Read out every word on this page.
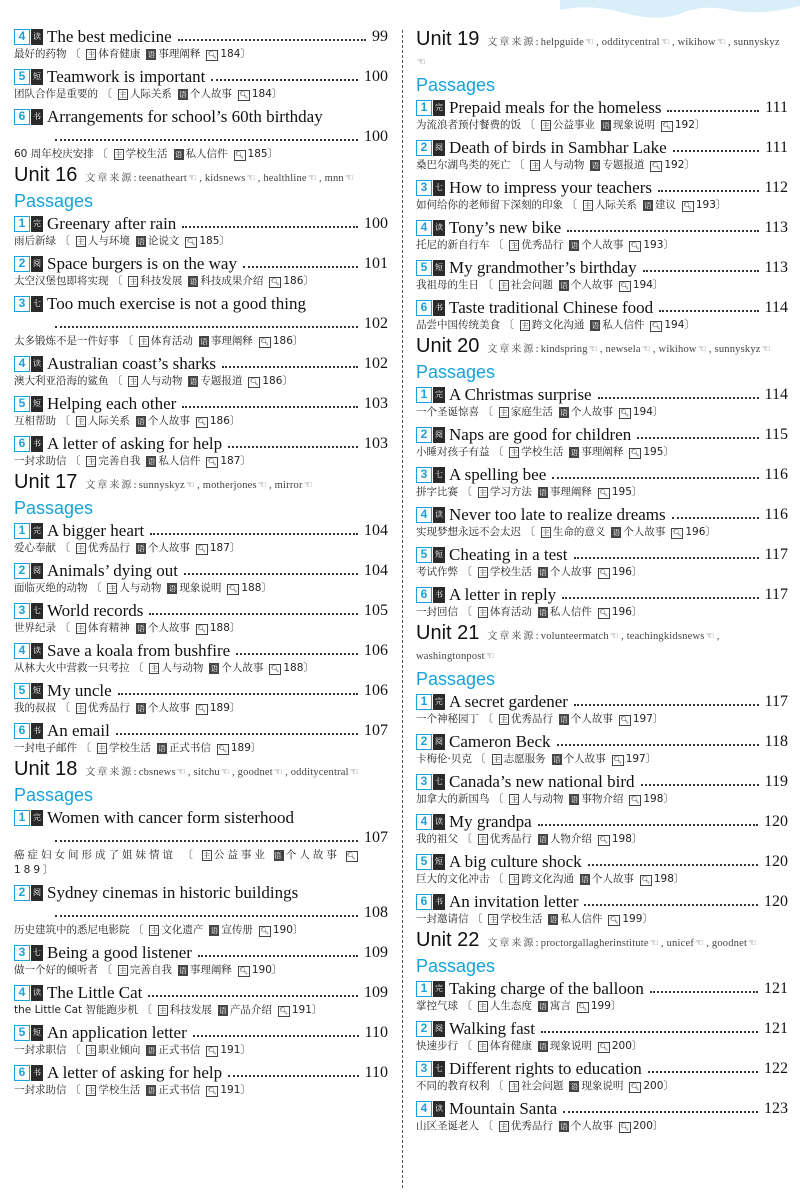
4 读 The best medicine	99
最好的药物 〔 主 体育健康 语 事理阐释 🔍︎ 184〕
5 短 Teamwork is important	100
团队合作是重要的 〔 主 人际关系 语 个人故事 🔍︎ 184〕
6 书 Arrangements for school’s 60th birthday
100
60 周年校庆安排 〔 主 学校生活 语 私人信件 🔍︎ 185〕
Unit 16 文章来源:teenatheart☜ , kidsnews☜ , healthline☜ , mnn☜
Passages
1 完 Greenary after rain	100
雨后新绿 〔 主 人与环境 语 论说文 🔍︎ 185〕
2 阅 Space burgers is on the way	101
太空汉堡包即将实现 〔 主 科技发展 语 科技成果介绍 🔍︎ 186〕
3 七 Too much exercise is not a good thing
102
太多锻炼不是一件好事 〔 主 体育活动 语 事理阐释 🔍︎ 186〕
4 读 Australian coast’s sharks	102
澳大利亚沿海的鲨鱼 〔 主 人与动物 语 专题报道 🔍︎ 186〕
5 短 Helping each other	103
互相帮助 〔 主 人际关系 语 个人故事 🔍︎ 186〕
6 书 A letter of asking for help	103
一封求助信 〔 主 完善自我 语 私人信件 🔍︎ 187〕
Unit 17 文章来源:sunnyskyz☜ , motherjones☜ , mirror☜
Passages
1 完 A bigger heart	104
爱心奉献 〔 主 优秀品行 语 个人故事 🔍︎ 187〕
2 阅 Animals’ dying out	104
面临灭绝的动物 〔 主 人与动物 语 现象说明 🔍︎ 188〕
3 七 World records	105
世界纪录 〔 主 体育精神 语 个人故事 🔍︎ 188〕
4 读 Save a koala from bushfire	106
从林大火中营救一只考拉 〔 主 人与动物 语 个人故事 🔍︎ 188〕
5 短 My uncle	106
我的叔叔 〔 主 优秀品行 语 个人故事 🔍︎ 189〕
6 书 An email	107
一封电子邮件 〔 主 学校生活 语 正式书信 🔍︎ 189〕
Unit 18 文章来源:cbsnews☜ , sitchu☜ , goodnet☜ , odditycentral☜
Passages
1 完 Women with cancer form sisterhood
107
癌症妇女间形成了姐妹情谊 〔 主公益事业 语 个人故事 🔍︎189〕
2 阅 Sydney cinemas in historic buildings
108
历史建筑中的悉尼电影院 〔 主 文化遗产 语 宣传册 🔍︎ 190〕
3 七 Being a good listener	109
做一个好的倾听者 〔 主 完善自我 语 事理阐释 🔍︎ 190〕
4 读 The Little Cat	109
the Little Cat 智能跑步机 〔 主 科技发展 语 产品介绍 🔍︎ 191〕
5 短 An application letter	110
一封求职信 〔 主 职业倾向 语 正式书信 🔍︎ 191〕
6 书 A letter of asking for help	110
一封求助信 〔 主 学校生活 语 正式书信 🔍︎ 191〕
Unit 19 文章来源:helpguide☜ , odditycentral☜ , wikihow☜ , sunnyskyz☜
Passages
1 完 Prepaid meals for the homeless	111
为流浪者预付餐费的饭 〔 主 公益事业 语 现象说明 🔍︎ 192〕
2 阅 Death of birds in Sambhar Lake	111
桑巴尔湖鸟类的死亡 〔 主 人与动物 语 专题报道 🔍︎ 192〕
3 七 How to impress your teachers	112
如何给你的老师留下深刻的印象 〔 主 人际关系 语 建议 🔍︎ 193〕
4 读 Tony’s new bike	113
托尼的新自行车 〔 主 优秀品行 语 个人故事 🔍︎ 193〕
5 短 My grandmother’s birthday	113
我祖母的生日 〔 主 社会问题 语 个人故事 🔍︎ 194〕
6 书 Taste traditional Chinese food	114
品尝中国传统美食 〔 主 跨文化沟通 语 私人信件 🔍︎ 194〕
Unit 20 文章来源:kindspring☜ , newsela☜ , wikihow☜ , sunnyskyz☜
Passages
1 完 A Christmas surprise	114
一个圣诞惊喜 〔 主 家庭生活 语 个人故事 🔍︎ 194〕
2 阅 Naps are good for children	115
小睡对孩子有益 〔 主 学校生活 语 事理阐释 🔍︎ 195〕
3 七 A spelling bee	116
拼字比赛 〔 主 学习方法 语 事理阐释 🔍︎ 195〕
4 读 Never too late to realize dreams	116
实现梦想永远不会太迟 〔 主 生命的意义 语 个人故事 🔍︎ 196〕
5 短 Cheating in a test	117
考试作弊 〔 主 学校生活 语 个人故事 🔍︎ 196〕
6 书 A letter in reply	117
一封回信 〔 主 体育活动 语 私人信件 🔍︎ 196〕
Unit 21 文章来源:volunteermatch☜ , teachingkidsnews☜ , washingtonpost☜
Passages
1 完 A secret gardener	117
一个神秘园丁 〔 主 优秀品行 语 个人故事 🔍︎ 197〕
2 阅 Cameron Beck	118
卡梅伦·贝克 〔 主 志愿服务 语 个人故事 🔍︎ 197〕
3 七 Canada’s new national bird	119
加拿大的新国鸟 〔 主 人与动物 语 事物介绍 🔍︎ 198〕
4 读 My grandpa	120
我的祖父 〔 主 优秀品行 语 人物介绍 🔍︎ 198〕
5 短 A big culture shock	120
巨大的文化冲击 〔 主 跨文化沟通 语 个人故事 🔍︎ 198〕
6 书 An invitation letter	120
一封邀请信 〔 主 学校生活 语 私人信件 🔍︎ 199〕
Unit 22 文章来源:proctorgallagherinstitute☜ , unicef☜ , goodnet☜
Passages
1 完 Taking charge of the balloon	121
掌控气球 〔 主 人生态度 语 寓言 🔍︎ 199〕
2 阅 Walking fast	121
快速步行 〔 主 体育健康 语 现象说明 🔍︎ 200〕
3 七 Different rights to education	122
不同的教育权利 〔 主 社会问题 语 现象说明 🔍︎ 200〕
4 读 Mountain Santa	123
山区圣诞老人 〔 主 优秀品行 语 个人故事 🔍︎ 200〕
